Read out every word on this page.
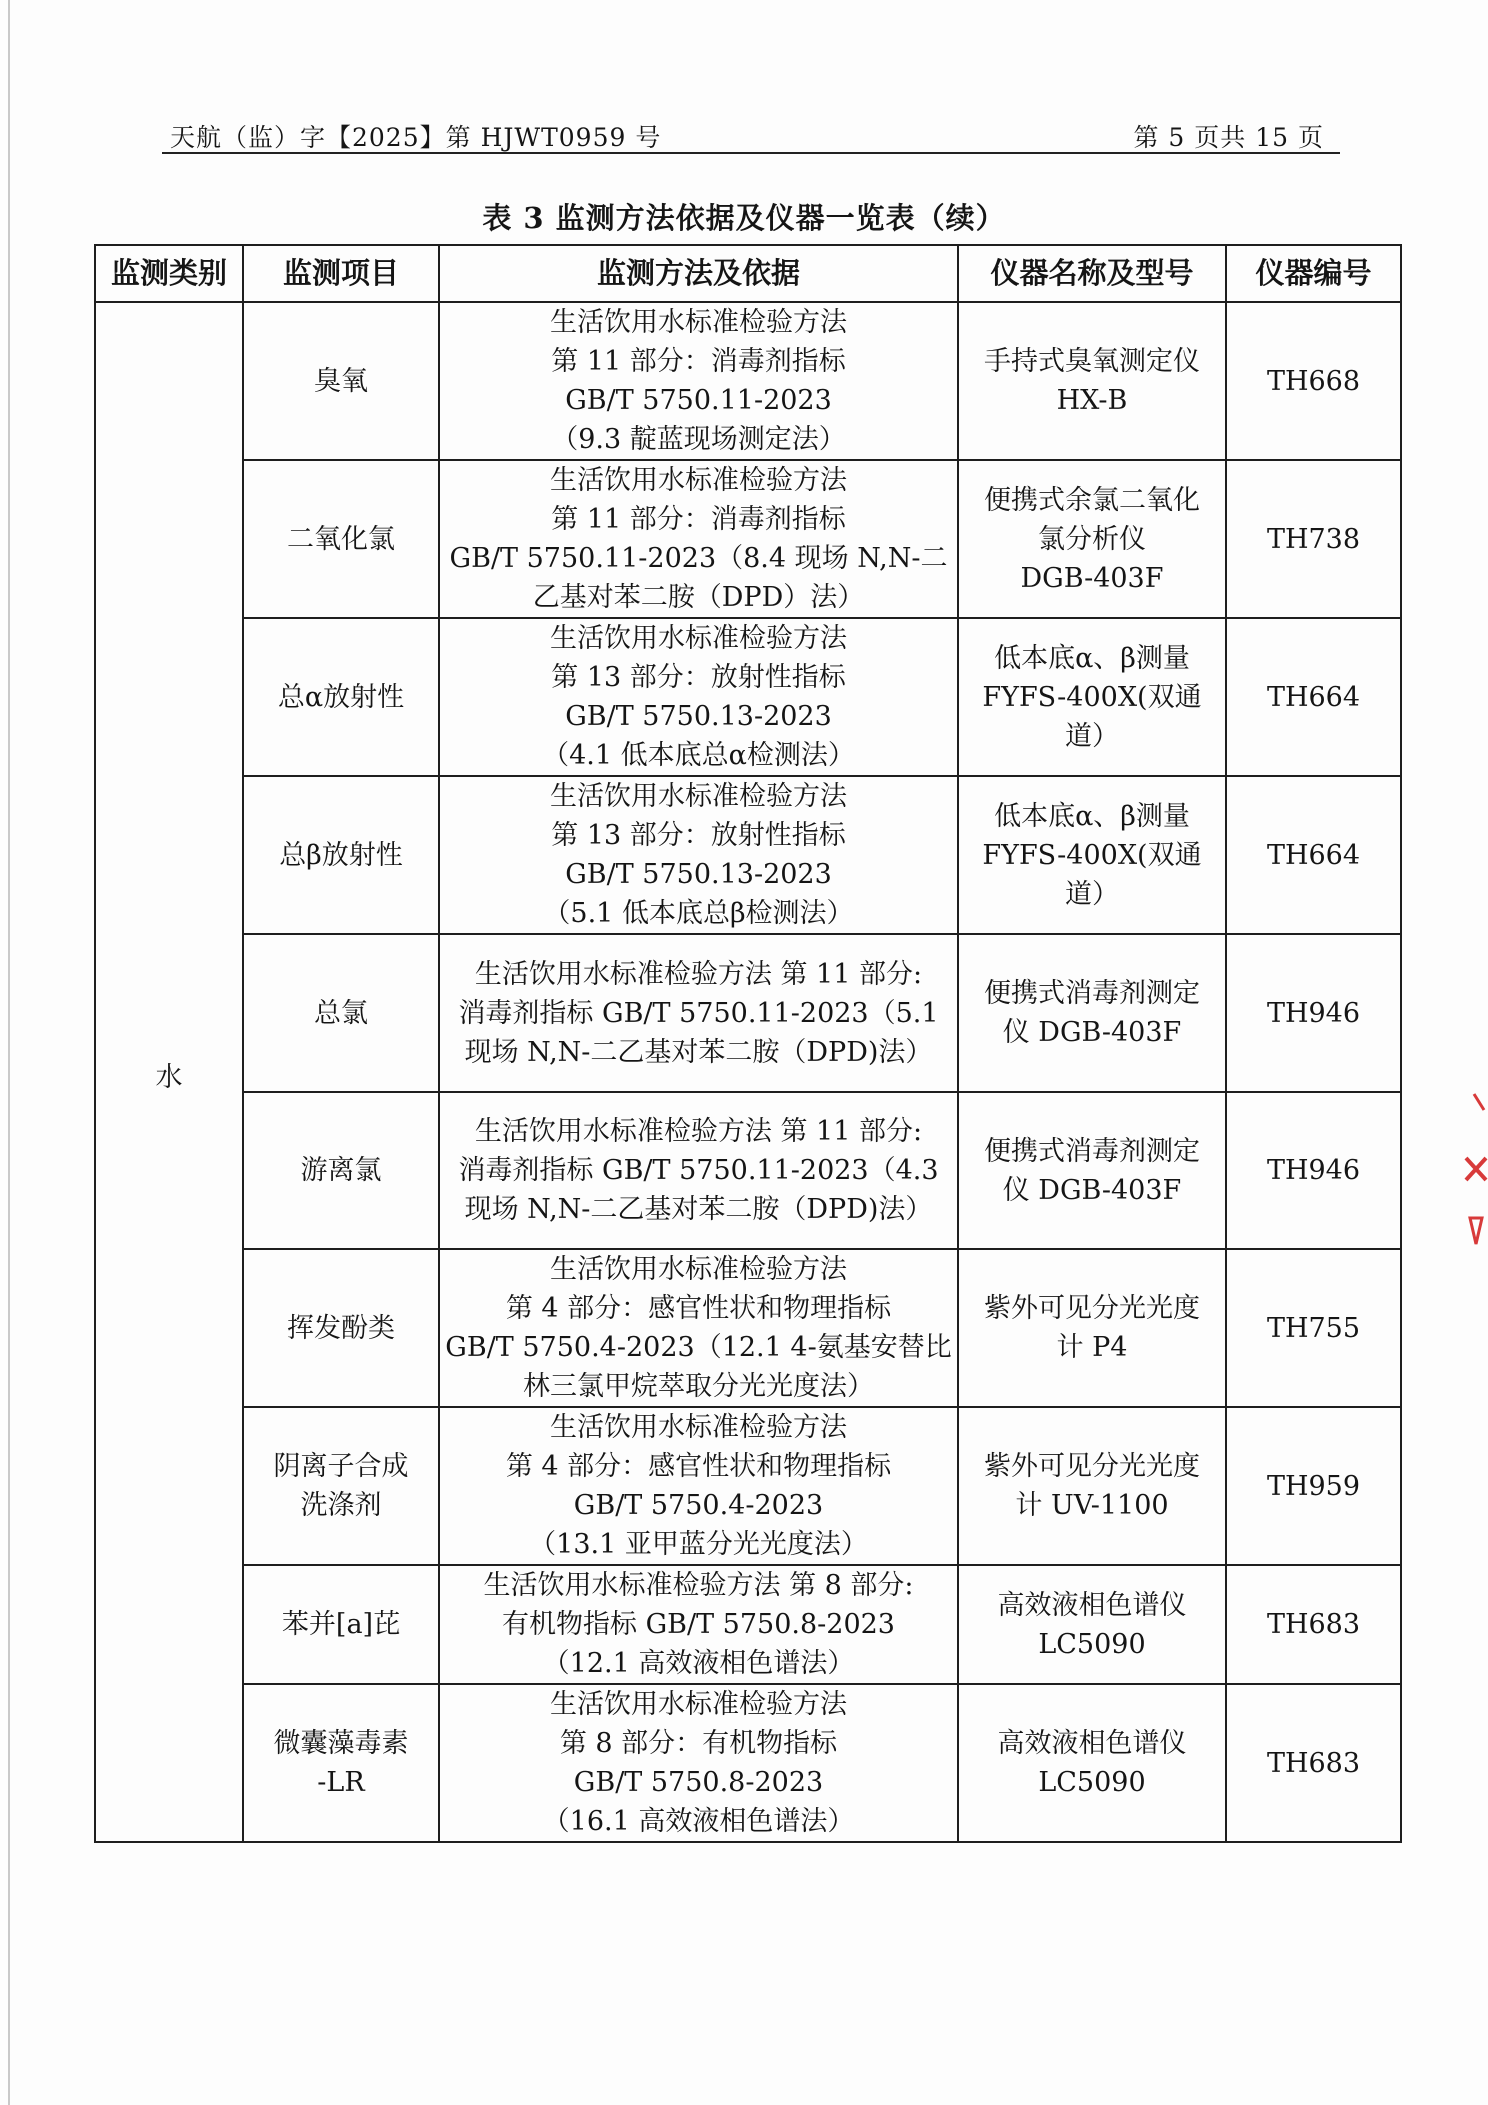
天航（监）字【2025】第 HJWT0959 号	第 5 页共 15 页
表 3 监测方法依据及仪器一览表（续）
监测类别	监测项目	监测方法及依据	仪器名称及型号	仪器编号
水	臭氧	生活饮用水标准检验方法
第 11 部分：消毒剂指标
GB/T 5750.11-2023
（9.3 靛蓝现场测定法）	手持式臭氧测定仪
HX-B	TH668

	二氧化氯	生活饮用水标准检验方法
第 11 部分：消毒剂指标
GB/T 5750.11-2023（8.4 现场 N,N-二
乙基对苯二胺（DPD）法）	便携式余氯二氧化
氯分析仪
DGB-403F	TH738

	总α放射性	生活饮用水标准检验方法
第 13 部分：放射性指标
GB/T 5750.13-2023
（4.1 低本底总α检测法）	低本底α、β测量
FYFS-400X(双通
道）	TH664

	总β放射性	生活饮用水标准检验方法
第 13 部分：放射性指标
GB/T 5750.13-2023
（5.1 低本底总β检测法）	低本底α、β测量
FYFS-400X(双通
道）	TH664

	总氯	生活饮用水标准检验方法 第 11 部分:
消毒剂指标 GB/T 5750.11-2023（5.1
现场 N,N-二乙基对苯二胺（DPD)法）	便携式消毒剂测定
仪 DGB-403F	TH946

	游离氯	生活饮用水标准检验方法 第 11 部分:
消毒剂指标 GB/T 5750.11-2023（4.3
现场 N,N-二乙基对苯二胺（DPD)法）	便携式消毒剂测定
仪 DGB-403F	TH946

	挥发酚类	生活饮用水标准检验方法
第 4 部分：感官性状和物理指标
GB/T 5750.4-2023（12.1 4-氨基安替比
林三氯甲烷萃取分光光度法）	紫外可见分光光度
计 P4	TH755

	阴离子合成
洗涤剂	生活饮用水标准检验方法
第 4 部分：感官性状和物理指标
GB/T 5750.4-2023
（13.1 亚甲蓝分光光度法）	紫外可见分光光度
计 UV-1100	TH959

	苯并[a]芘	生活饮用水标准检验方法 第 8 部分:
有机物指标 GB/T 5750.8-2023
（12.1 高效液相色谱法）	高效液相色谱仪
LC5090	TH683

	微囊藻毒素
-LR	生活饮用水标准检验方法
第 8 部分：有机物指标
GB/T 5750.8-2023
（16.1 高效液相色谱法）	高效液相色谱仪
LC5090	TH683
